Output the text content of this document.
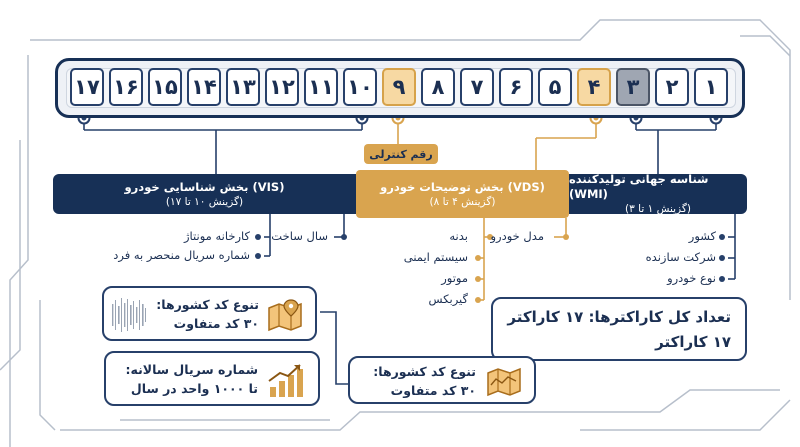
۱۷ ۱۶ ۱۵ ۱۴ ۱۳ ۱۲ ۱۱ ۱۰ ۹	۸	۷	۶	۵	۴	۳	۲	۱
رقم کنترلی
بخش شناسایی خودرو (VIS)
(گزینش ۱۰ تا ۱۷)
بخش توضیحات خودرو (VDS)
(گزینش ۴ تا ۸)
شناسه جهانی تولیدکننده (WMI)
(گزینش ۱ تا ۳)
سال ساخت
کارخانه مونتاژ
شماره سریال منحصر به فرد
مدل خودرو
بدنه
سیستم ایمنی
موتور
گیربکس
کشور
شرکت سازنده
نوع خودرو
تعداد کل کاراکترها: ۱۷ کاراکتر
۱۷ کاراکتر
تنوع کد کشورها:
۳۰ کد متفاوت
شماره سریال سالانه:
تا ۱۰۰۰ واحد در سال
تنوع کد کشورها:
۳۰ کد متفاوت
